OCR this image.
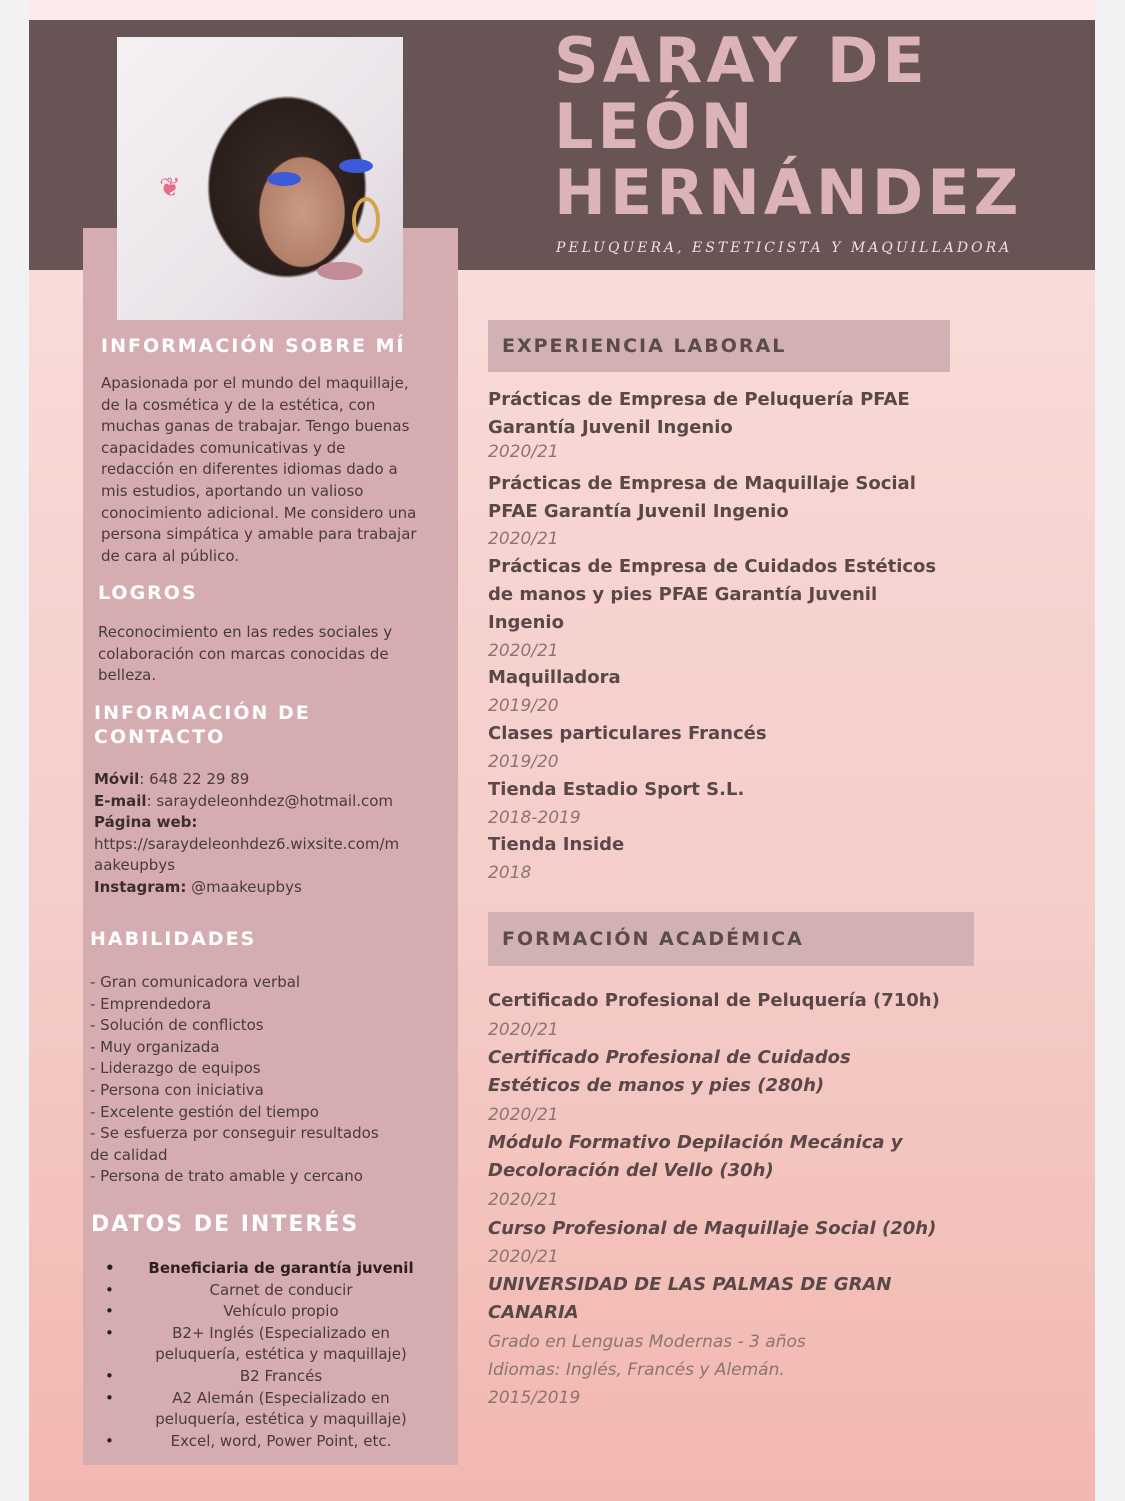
SARAY DE
LEÓN
HERNÁNDEZ
PELUQUERA, ESTETICISTA Y MAQUILLADORA
❦
INFORMACIÓN SOBRE MÍ
Apasionada por el mundo del maquillaje,
de la cosmética y de la estética, con
muchas ganas de trabajar. Tengo buenas
capacidades comunicativas y de
redacción en diferentes idiomas dado a
mis estudios, aportando un valioso
conocimiento adicional. Me considero una
persona simpática y amable para trabajar
de cara al público.
LOGROS
Reconocimiento en las redes sociales y
colaboración con marcas conocidas de
belleza.
INFORMACIÓN DE
CONTACTO
Móvil: 648 22 29 89
E-mail: saraydeleonhdez@hotmail.com
Página web:
https://saraydeleonhdez6.wixsite.com/m
aakeupbys
Instagram: @maakeupbys
HABILIDADES
- Gran comunicadora verbal
- Emprendedora
- Solución de conflictos
- Muy organizada
- Liderazgo de equipos
- Persona con iniciativa
- Excelente gestión del tiempo
- Se esfuerza por conseguir resultados
de calidad
- Persona de trato amable y cercano
DATOS DE INTERÉS
• Beneficiaria de garantía juvenil
• Carnet de conducir
• Vehículo propio
• B2+ Inglés (Especializado en peluquería, estética y maquillaje)
• B2 Francés
• A2 Alemán (Especializado en peluquería, estética y maquillaje)
• Excel, word, Power Point, etc.
EXPERIENCIA LABORAL
Prácticas de Empresa de Peluquería PFAE
Garantía Juvenil Ingenio
2020/21
Prácticas de Empresa de Maquillaje Social
PFAE Garantía Juvenil Ingenio
2020/21
Prácticas de Empresa de Cuidados Estéticos
de manos y pies PFAE Garantía Juvenil
Ingenio
2020/21
Maquilladora
2019/20
Clases particulares Francés
2019/20
Tienda Estadio Sport S.L.
2018-2019
Tienda Inside
2018
FORMACIÓN ACADÉMICA
Certificado Profesional de Peluquería (710h)
2020/21
Certificado Profesional de Cuidados
Estéticos de manos y pies (280h)
2020/21
Módulo Formativo Depilación Mecánica y
Decoloración del Vello (30h)
2020/21
Curso Profesional de Maquillaje Social (20h)
2020/21
UNIVERSIDAD DE LAS PALMAS DE GRAN
CANARIA
Grado en Lenguas Modernas - 3 años
Idiomas: Inglés, Francés y Alemán.
2015/2019
